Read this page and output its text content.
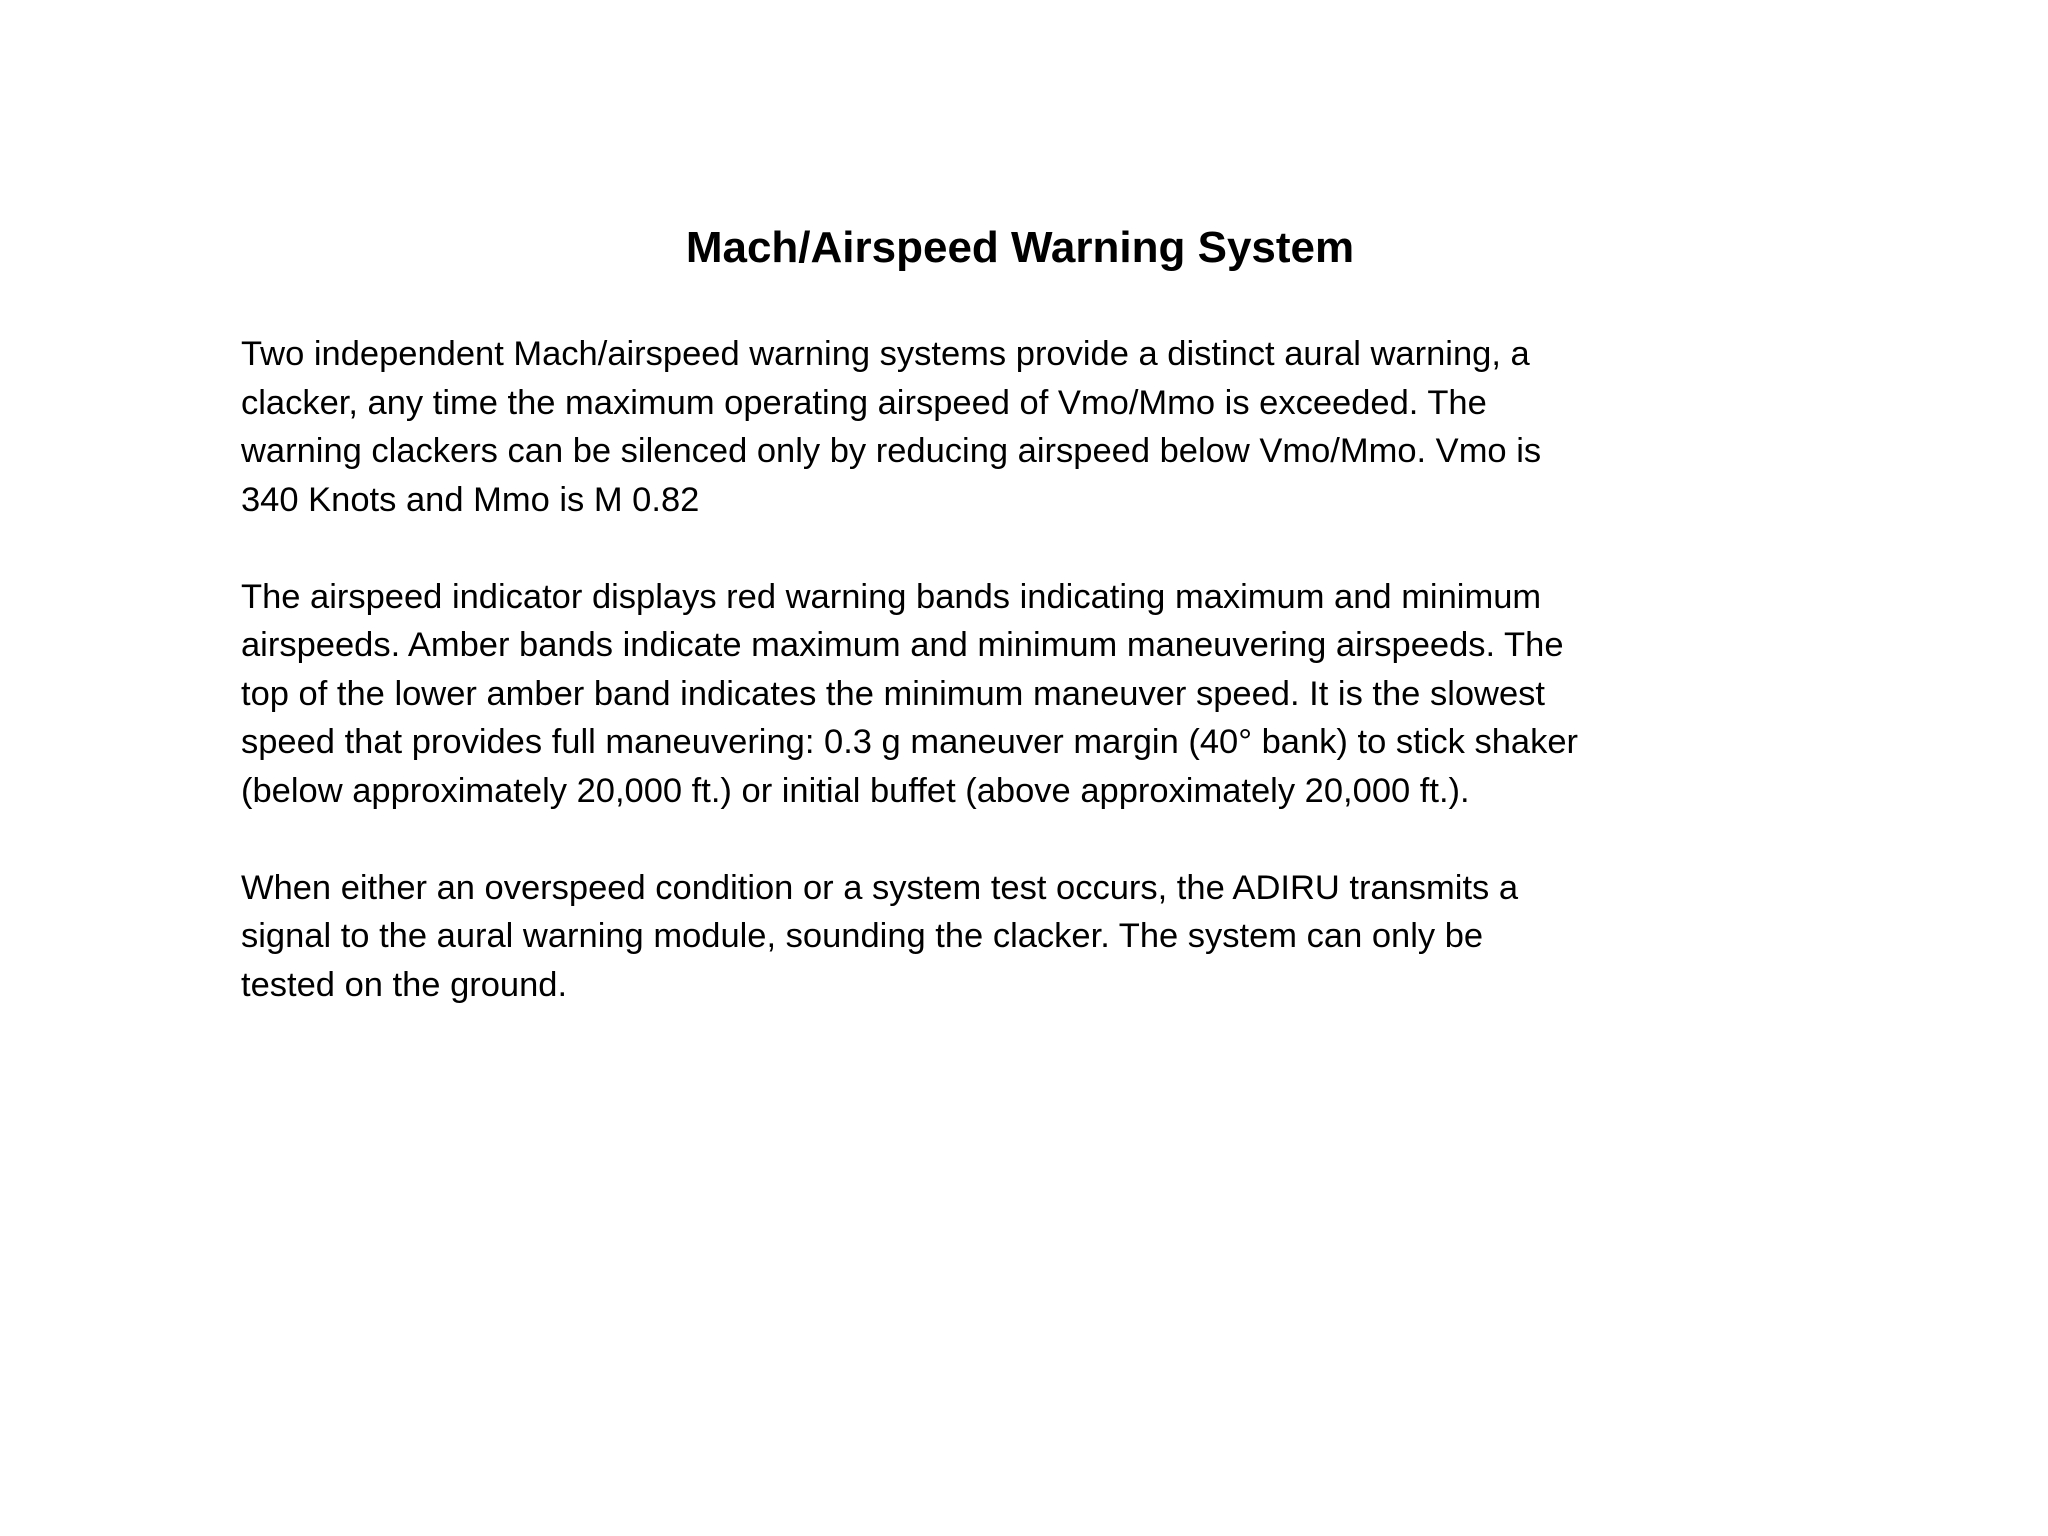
Mach/Airspeed Warning System

Two independent Mach/airspeed warning systems provide a distinct aural warning, a clacker, any time the maximum operating airspeed of Vmo/Mmo is exceeded. The warning clackers can be silenced only by reducing airspeed below Vmo/Mmo. Vmo is 340 Knots and Mmo is M 0.82

The airspeed indicator displays red warning bands indicating maximum and minimum airspeeds. Amber bands indicate maximum and minimum maneuvering airspeeds. The top of the lower amber band indicates the minimum maneuver speed. It is the slowest speed that provides full maneuvering: 0.3 g maneuver margin (40° bank) to stick shaker (below approximately 20,000 ft.) or initial buffet (above approximately 20,000 ft.).

When either an overspeed condition or a system test occurs, the ADIRU transmits a signal to the aural warning module, sounding the clacker. The system can only be tested on the ground.
